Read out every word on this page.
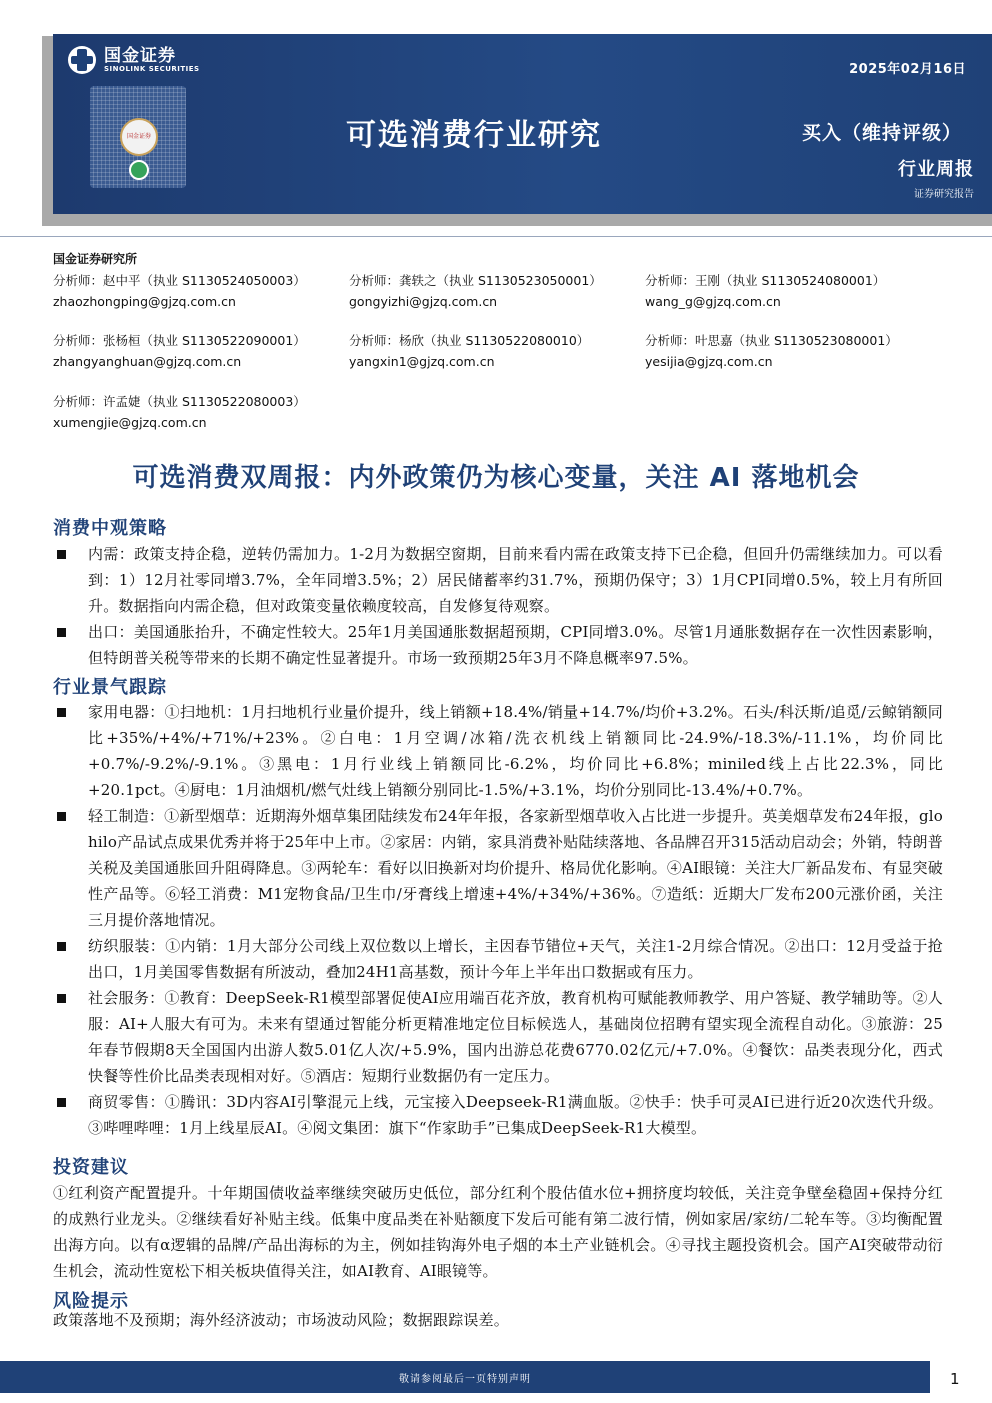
国金证券
SINOLINK SECURITIES
国金证券
2025年02月16日
可选消费行业研究	买入（维持评级）
行业周报
证券研究报告
国金证券研究所
分析师：赵中平（执业 S1130524050003）
zhaozhongping@gjzq.com.cn
分析师：龚轶之（执业 S1130523050001）
gongyizhi@gjzq.com.cn
分析师：王刚（执业 S1130524080001）
wang_g@gjzq.com.cn
分析师：张杨桓（执业 S1130522090001）
zhangyanghuan@gjzq.com.cn
分析师：杨欣（执业 S1130522080010）
yangxin1@gjzq.com.cn
分析师：叶思嘉（执业 S1130523080001）
yesijia@gjzq.com.cn
分析师：许孟婕（执业 S1130522080003）
xumengjie@gjzq.com.cn
可选消费双周报：内外政策仍为核心变量，关注 AI 落地机会
消费中观策略
内需：政策支持企稳，逆转仍需加力。1-2月为数据空窗期，目前来看内需在政策支持下已企稳，但回升仍需继续加力。可以看到：1）12月社零同增3.7%，全年同增3.5%；2）居民储蓄率约31.7%，预期仍保守；3）1月CPI同增0.5%，较上月有所回升。数据指向内需企稳，但对政策变量依赖度较高，自发修复待观察。
出口：美国通胀抬升，不确定性较大。25年1月美国通胀数据超预期，CPI同增3.0%。尽管1月通胀数据存在一次性因素影响，但特朗普关税等带来的长期不确定性显著提升。市场一致预期25年3月不降息概率97.5%。
行业景气跟踪
家用电器：①扫地机：1月扫地机行业量价提升，线上销额+18.4%/销量+14.7%/均价+3.2%。石头/科沃斯/追觅/云鲸销额同比+35%/+4%/+71%/+23%。②白电：1月空调/冰箱/洗衣机线上销额同比-24.9%/-18.3%/-11.1%，均价同比+0.7%/-9.2%/-9.1%。③黑电：1月行业线上销额同比-6.2%，均价同比+6.8%；miniled线上占比22.3%，同比+20.1pct。④厨电：1月油烟机/燃气灶线上销额分别同比-1.5%/+3.1%，均价分别同比-13.4%/+0.7%。
轻工制造：①新型烟草：近期海外烟草集团陆续发布24年年报，各家新型烟草收入占比进一步提升。英美烟草发布24年报，glo hilo产品试点成果优秀并将于25年中上市。②家居：内销，家具消费补贴陆续落地、各品牌召开315活动启动会；外销，特朗普关税及美国通胀回升阻碍降息。③两轮车：看好以旧换新对均价提升、格局优化影响。④AI眼镜：关注大厂新品发布、有显突破性产品等。⑥轻工消费：M1宠物食品/卫生巾/牙膏线上增速+4%/+34%/+36%。⑦造纸：近期大厂发布200元涨价函，关注三月提价落地情况。
纺织服装：①内销：1月大部分公司线上双位数以上增长，主因春节错位+天气，关注1-2月综合情况。②出口：12月受益于抢出口，1月美国零售数据有所波动，叠加24H1高基数，预计今年上半年出口数据或有压力。
社会服务：①教育：DeepSeek-R1模型部署促使AI应用端百花齐放，教育机构可赋能教师教学、用户答疑、教学辅助等。②人服：AI+人服大有可为。未来有望通过智能分析更精准地定位目标候选人，基础岗位招聘有望实现全流程自动化。③旅游：25年春节假期8天全国国内出游人数5.01亿人次/+5.9%，国内出游总花费6770.02亿元/+7.0%。④餐饮：品类表现分化，西式快餐等性价比品类表现相对好。⑤酒店：短期行业数据仍有一定压力。
商贸零售：①腾讯：3D内容AI引擎混元上线，元宝接入Deepseek-R1满血版。②快手：快手可灵AI已进行近20次迭代升级。③哔哩哔哩：1月上线星辰AI。④阅文集团：旗下“作家助手”已集成DeepSeek-R1大模型。
投资建议
①红利资产配置提升。十年期国债收益率继续突破历史低位，部分红利个股估值水位+拥挤度均较低，关注竞争壁垒稳固+保持分红的成熟行业龙头。②继续看好补贴主线。低集中度品类在补贴额度下发后可能有第二波行情，例如家居/家纺/二轮车等。③均衡配置出海方向。以有α逻辑的品牌/产品出海标的为主，例如挂钩海外电子烟的本土产业链机会。④寻找主题投资机会。国产AI突破带动衍生机会，流动性宽松下相关板块值得关注，如AI教育、AI眼镜等。
风险提示
政策落地不及预期；海外经济波动；市场波动风险；数据跟踪误差。
敬请参阅最后一页特别声明	1
